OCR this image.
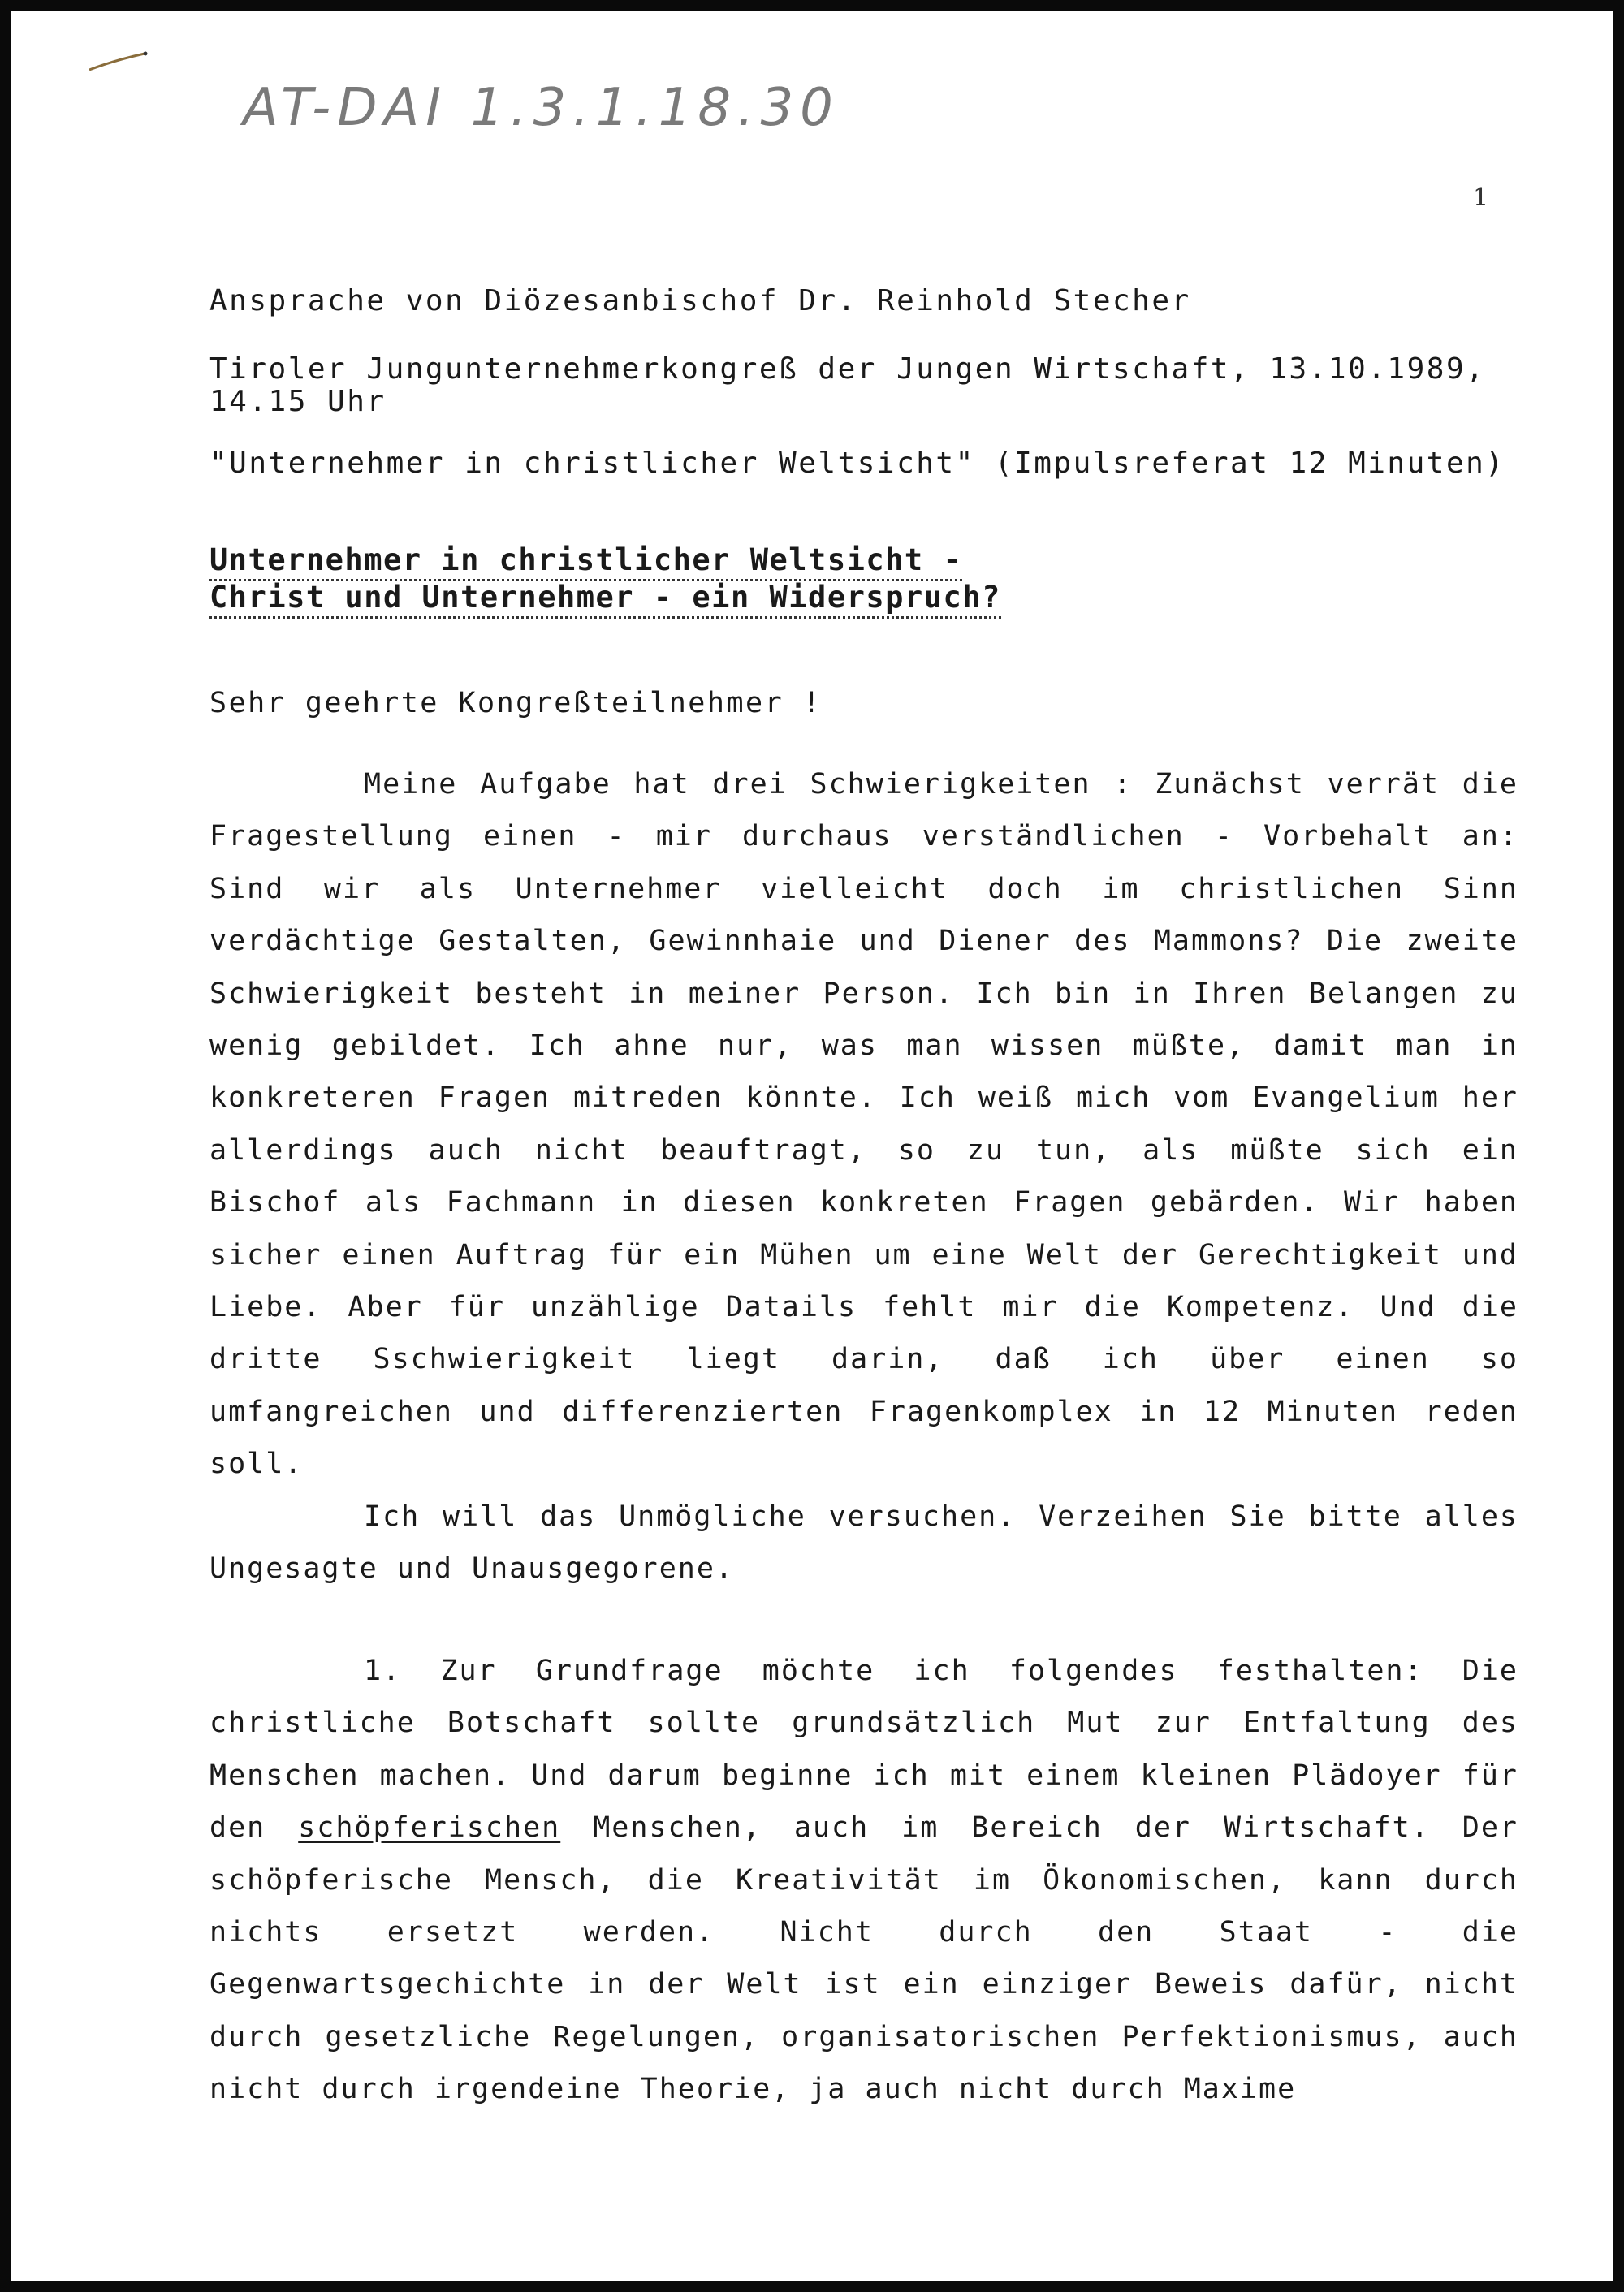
AT-DAI 1.3.1.18.30
1
Ansprache von Diözesanbischof Dr. Reinhold Stecher
Tiroler Jungunternehmerkongreß der Jungen Wirtschaft, 13.10.1989,
14.15 Uhr
"Unternehmer in christlicher Weltsicht" (Impulsreferat 12 Minuten)
Unternehmer in christlicher Weltsicht -
Christ und Unternehmer - ein Widerspruch?
Sehr geehrte Kongreßteilnehmer !

Meine Aufgabe hat drei Schwierigkeiten : Zunächst verrät die Fragestellung einen - mir durchaus verständlichen - Vorbehalt an: Sind wir als Unternehmer vielleicht doch im christlichen Sinn verdächtige Gestalten, Gewinnhaie und Diener des Mammons? Die zweite Schwierigkeit besteht in meiner Person. Ich bin in Ihren Belangen zu wenig gebildet. Ich ahne nur, was man wissen müßte, damit man in konkreteren Fragen mitreden könnte. Ich weiß mich vom Evangelium her allerdings auch nicht beauftragt, so zu tun, als müßte sich ein Bischof als Fachmann in diesen konkreten Fragen gebärden. Wir haben sicher einen Auftrag für ein Mühen um eine Welt der Gerechtigkeit und Liebe. Aber für unzählige Datails fehlt mir die Kompetenz. Und die dritte Sschwierigkeit liegt darin, daß ich über einen so umfangreichen und differenzierten Fragenkomplex in 12 Minuten reden soll.

Ich will das Unmögliche versuchen. Verzeihen Sie bitte alles Ungesagte und Unausgegorene.

1. Zur Grundfrage möchte ich folgendes festhalten: Die christliche Botschaft sollte grundsätzlich Mut zur Entfaltung des Menschen machen. Und darum beginne ich mit einem kleinen Plädoyer für den schöpferischen Menschen, auch im Bereich der Wirtschaft. Der schöpferische Mensch, die Kreativität im Ökonomischen, kann durch nichts ersetzt werden. Nicht durch den Staat - die Gegenwartsgechichte in der Welt ist ein einziger Beweis dafür, nicht durch gesetzliche Regelungen, organisatorischen Perfektionismus, auch nicht durch irgendeine Theorie, ja auch nicht durch Maxime
